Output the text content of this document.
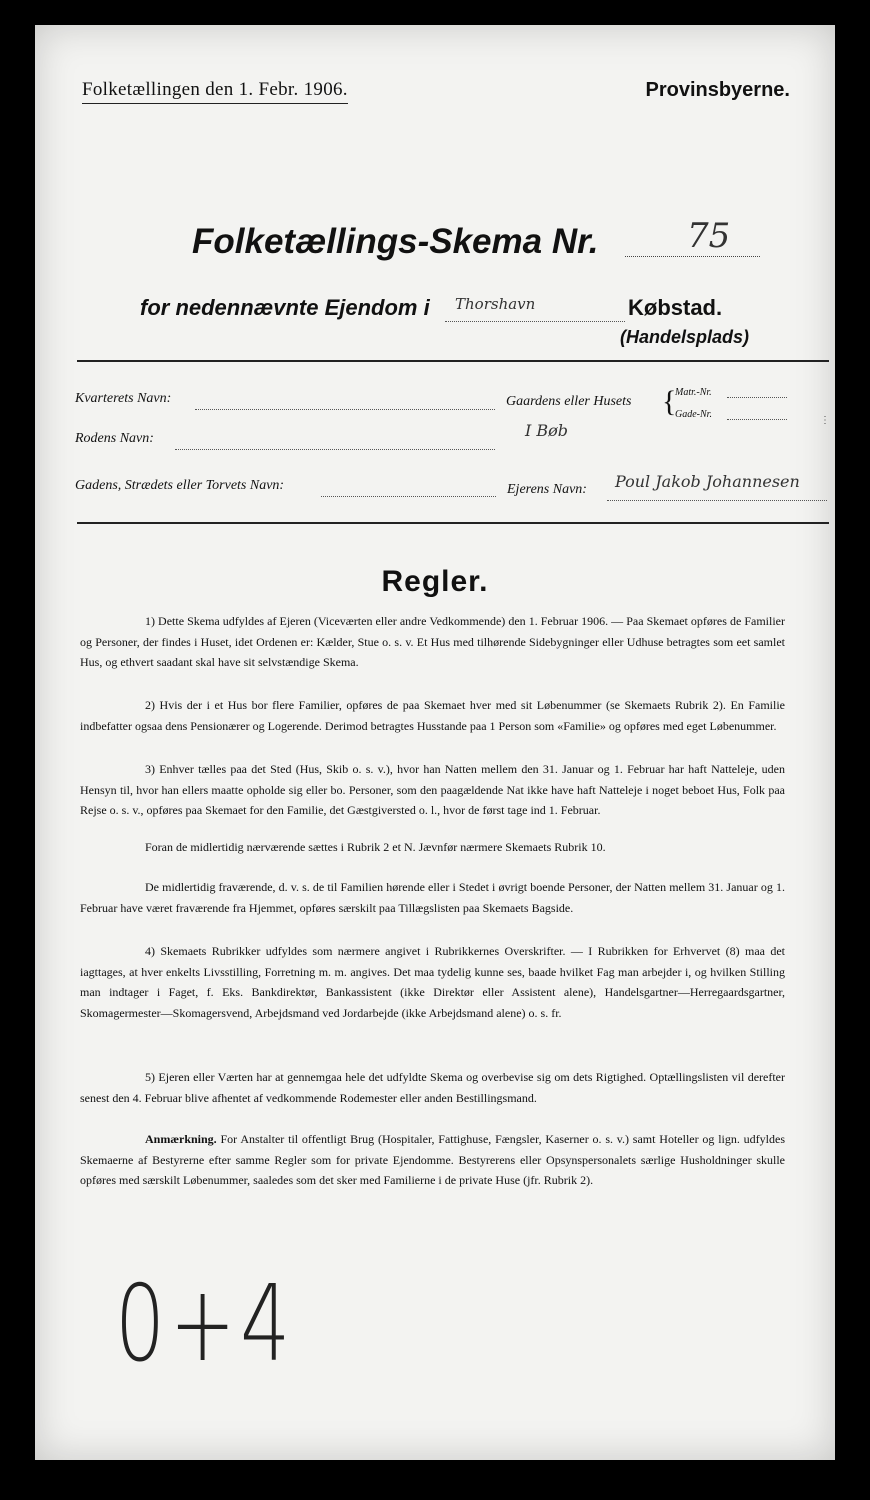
Folketællingen den 1. Febr. 1906.	Provinsbyerne.
Folketællings-Skema Nr.	75
for nedennævnte Ejendom i Thorshavn	Købstad.
(Handelsplads)
Kvarterets Navn:	Gaardens eller Husets {
Matr.-Nr.
Gade-Nr.
Rodens Navn:	I Bøb
Gadens, Strædets eller Torvets Navn:	Ejerens Navn: Poul Jakob Johannesen
Regler.

1) Dette Skema udfyldes af Ejeren (Viceværten eller andre Vedkommende) den 1. Februar 1906. — Paa Skemaet opføres de Familier og Personer, der findes i Huset, idet Ordenen er: Kælder, Stue o. s. v. Et Hus med tilhørende Sidebygninger eller Udhuse betragtes som eet samlet Hus, og ethvert saadant skal have sit selvstændige Skema.

2) Hvis der i et Hus bor flere Familier, opføres de paa Skemaet hver med sit Løbenummer (se Skemaets Rubrik 2). En Familie indbefatter ogsaa dens Pensionærer og Logerende. Derimod betragtes Husstande paa 1 Person som «Familie» og opføres med eget Løbenummer.

3) Enhver tælles paa det Sted (Hus, Skib o. s. v.), hvor han Natten mellem den 31. Januar og 1. Februar har haft Natteleje, uden Hensyn til, hvor han ellers maatte opholde sig eller bo. Personer, som den paagældende Nat ikke have haft Natteleje i noget beboet Hus, Folk paa Rejse o. s. v., opføres paa Skemaet for den Familie, det Gæstgiversted o. l., hvor de først tage ind 1. Februar.

Foran de midlertidig nærværende sættes i Rubrik 2 et N. Jævnfør nærmere Skemaets Rubrik 10.

De midlertidig fraværende, d. v. s. de til Familien hørende eller i Stedet i øvrigt boende Personer, der Natten mellem 31. Januar og 1. Februar have været fraværende fra Hjemmet, opføres særskilt paa Tillægslisten paa Skemaets Bagside.

4) Skemaets Rubrikker udfyldes som nærmere angivet i Rubrikkernes Overskrifter. — I Rubrikken for Erhvervet (8) maa det iagttages, at hver enkelts Livsstilling, Forretning m. m. angives. Det maa tydelig kunne ses, baade hvilket Fag man arbejder i, og hvilken Stilling man indtager i Faget, f. Eks. Bankdirektør, Bankassistent (ikke Direktør eller Assistent alene), Handelsgartner—Herregaardsgartner, Skomagermester—Skomagersvend, Arbejdsmand ved Jordarbejde (ikke Arbejdsmand alene) o. s. fr.

5) Ejeren eller Værten har at gennemgaa hele det udfyldte Skema og overbevise sig om dets Rigtighed. Optællingslisten vil derefter senest den 4. Februar blive afhentet af vedkommende Rodemester eller anden Bestillingsmand.

Anmærkning. For Anstalter til offentligt Brug (Hospitaler, Fattighuse, Fængsler, Kaserner o. s. v.) samt Hoteller og lign. udfyldes Skemaerne af Bestyrerne efter samme Regler som for private Ejendomme. Bestyrerens eller Opsynspersonalets særlige Husholdninger skulle opføres med særskilt Løbenummer, saaledes som det sker med Familierne i de private Huse (jfr. Rubrik 2).

0+4
⋮
